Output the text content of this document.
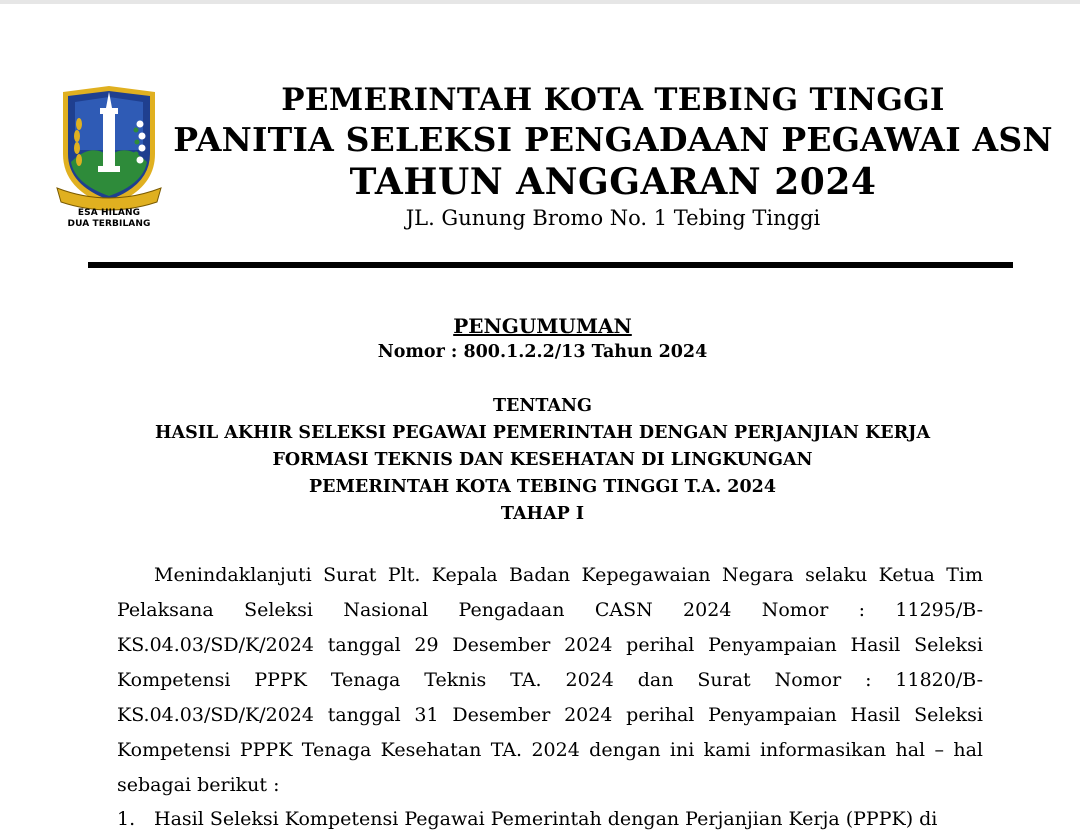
ESA HILANG
DUA TERBILANG
PEMERINTAH KOTA TEBING TINGGI
PANITIA SELEKSI PENGADAAN PEGAWAI ASN
TAHUN ANGGARAN 2024
JL. Gunung Bromo No. 1 Tebing Tinggi
PENGUMUMAN
Nomor : 800.1.2.2/13 Tahun 2024
TENTANG
HASIL AKHIR SELEKSI PEGAWAI PEMERINTAH DENGAN PERJANJIAN KERJA
FORMASI TEKNIS DAN KESEHATAN DI LINGKUNGAN
PEMERINTAH KOTA TEBING TINGGI T.A. 2024
TAHAP I
Menindaklanjuti Surat Plt. Kepala Badan Kepegawaian Negara selaku Ketua Tim Pelaksana Seleksi Nasional Pengadaan CASN 2024 Nomor : 11295/B-KS.04.03/SD/K/2024 tanggal 29 Desember 2024 perihal Penyampaian Hasil Seleksi Kompetensi PPPK Tenaga Teknis TA. 2024 dan Surat Nomor : 11820/B-KS.04.03/SD/K/2024 tanggal 31 Desember 2024 perihal Penyampaian Hasil Seleksi Kompetensi PPPK Tenaga Kesehatan TA. 2024 dengan ini kami informasikan hal – hal sebagai berikut :
1. Hasil Seleksi Kompetensi Pegawai Pemerintah dengan Perjanjian Kerja (PPPK) di
